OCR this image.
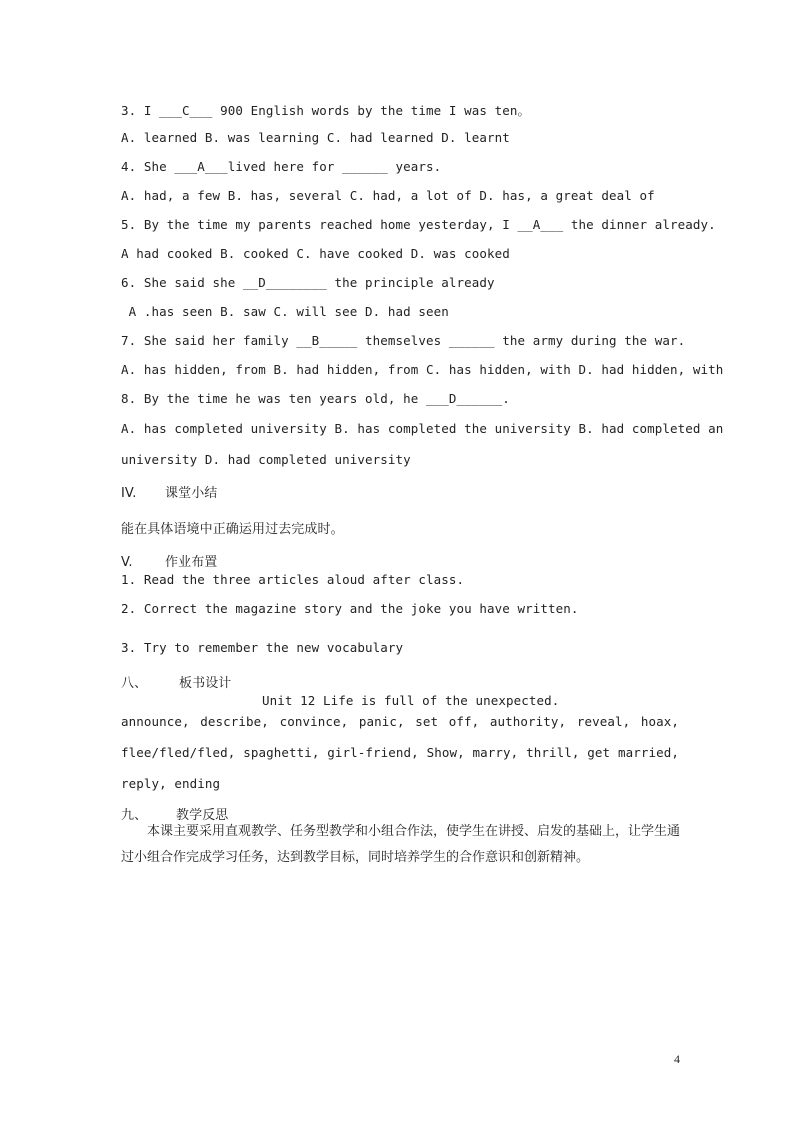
3. I ___C___ 900 English words by the time I was ten。
A. learned B. was learning C. had learned D. learnt
4. She ___A___lived here for ______ years.
A. had, a few B. has, several C. had, a lot of D. has, a great deal of
5. By the time my parents reached home yesterday, I __A___ the dinner already.
A had cooked B. cooked C. have cooked D. was cooked
6. She said she __D________ the principle already
A .has seen B. saw C. will see D. had seen
7. She said her family __B_____ themselves ______ the army during the war.
A. has hidden, from B. had hidden, from C. has hidden, with D. had hidden, with
8. By the time he was ten years old, he ___D______.
A. has completed university B. has completed the university B. had completed an
university D. had completed university
IV. 课堂小结
能在具体语境中正确运用过去完成时。
V. 作业布置
1. Read the three articles aloud after class.
2. Correct the magazine story and the joke you have written.
3. Try to remember the new vocabulary
八、 板书设计
Unit 12 Life is full of the unexpected.
announce, describe, convince, panic, set off, authority, reveal, hoax,
flee/fled/fled, spaghetti, girl-friend, Show, marry, thrill, get married,
reply, ending
九、 教学反思
本课主要采用直观教学、任务型教学和小组合作法，使学生在讲授、启发的基础上，让学生通过小组合作完成学习任务，达到教学目标，同时培养学生的合作意识和创新精神。
4
